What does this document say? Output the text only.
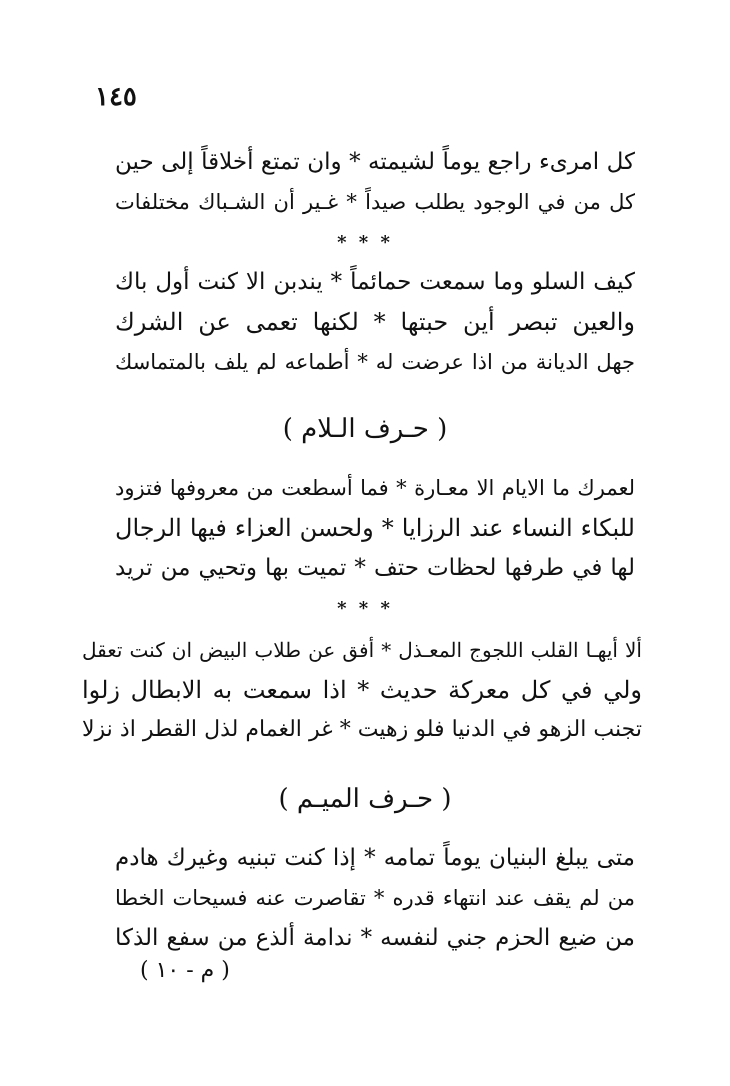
١٤٥
كل امرىء راجع يوماً لشيمته * وان تمتع أخلاقاً إلى حين
كل من في الوجود يطلب صيداً * غـير أن الشـباك مختلفات
* * *
كيف السلو وما سمعت حمائماً * يندبن الا كنت أول باك
والعين تبصر أين حبتها * لكنها تعمى عن الشرك
جهل الديانة من اذا عرضت له * أطماعه لم يلف بالمتماسك
( حـرف الـلام )
لعمرك ما الايام الا معـارة * فما أسطعت من معروفها فتزود
للبكاء النساء عند الرزايا * ولحسن العزاء فيها الرجال
لها في طرفها لحظات حتف * تميت بها وتحيي من تريد
* * *
ألا أيهـا القلب اللجوج المعـذل * أفق عن طلاب البيض ان كنت تعقل
ولي في كل معركة حديث * اذا سمعت به الابطال زلوا
تجنب الزهو في الدنيا فلو زهيت * غر الغمام لذل القطر اذ نزلا
( حـرف الميـم )
متى يبلغ البنيان يوماً تمامه * إذا كنت تبنيه وغيرك هادم
من لم يقف عند انتهاء قدره * تقاصرت عنه فسيحات الخطا
من ضيع الحزم جني لنفسه * ندامة ألذع من سفع الذكا
( م - ١٠ )
